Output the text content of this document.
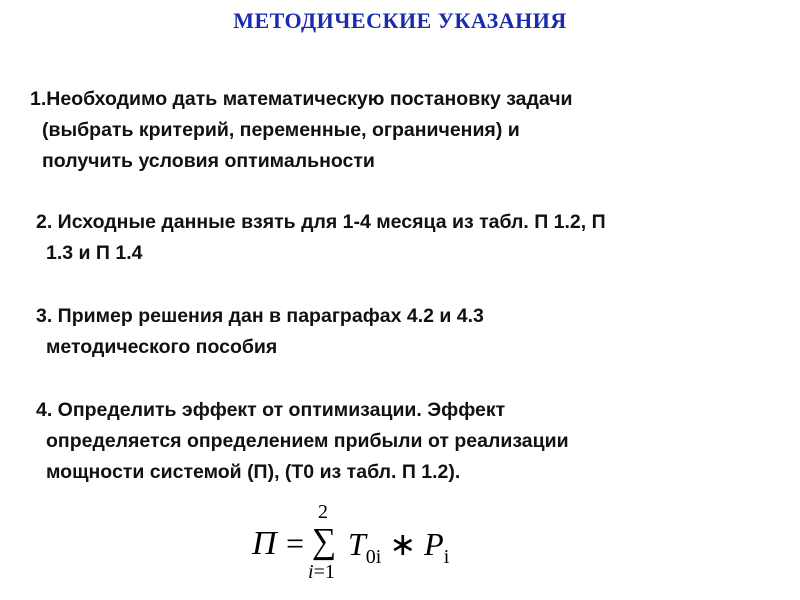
МЕТОДИЧЕСКИЕ УКАЗАНИЯ
1.Необходимо дать математическую постановку задачи
(выбрать критерий, переменные, ограничения) и
получить условия оптимальности
2. Исходные данные взять для 1-4 месяца из табл. П 1.2, П
1.3 и П 1.4
3. Пример решения дан в параграфах 4.2 и 4.3
методического пособия
4. Определить эффект от оптимизации. Эффект
определяется определением прибыли от реализации
мощности системой (П), (Т0 из табл. П 1.2).
П =
2
∑
i=1
$T_{0i}$ ∗ $P_i$
